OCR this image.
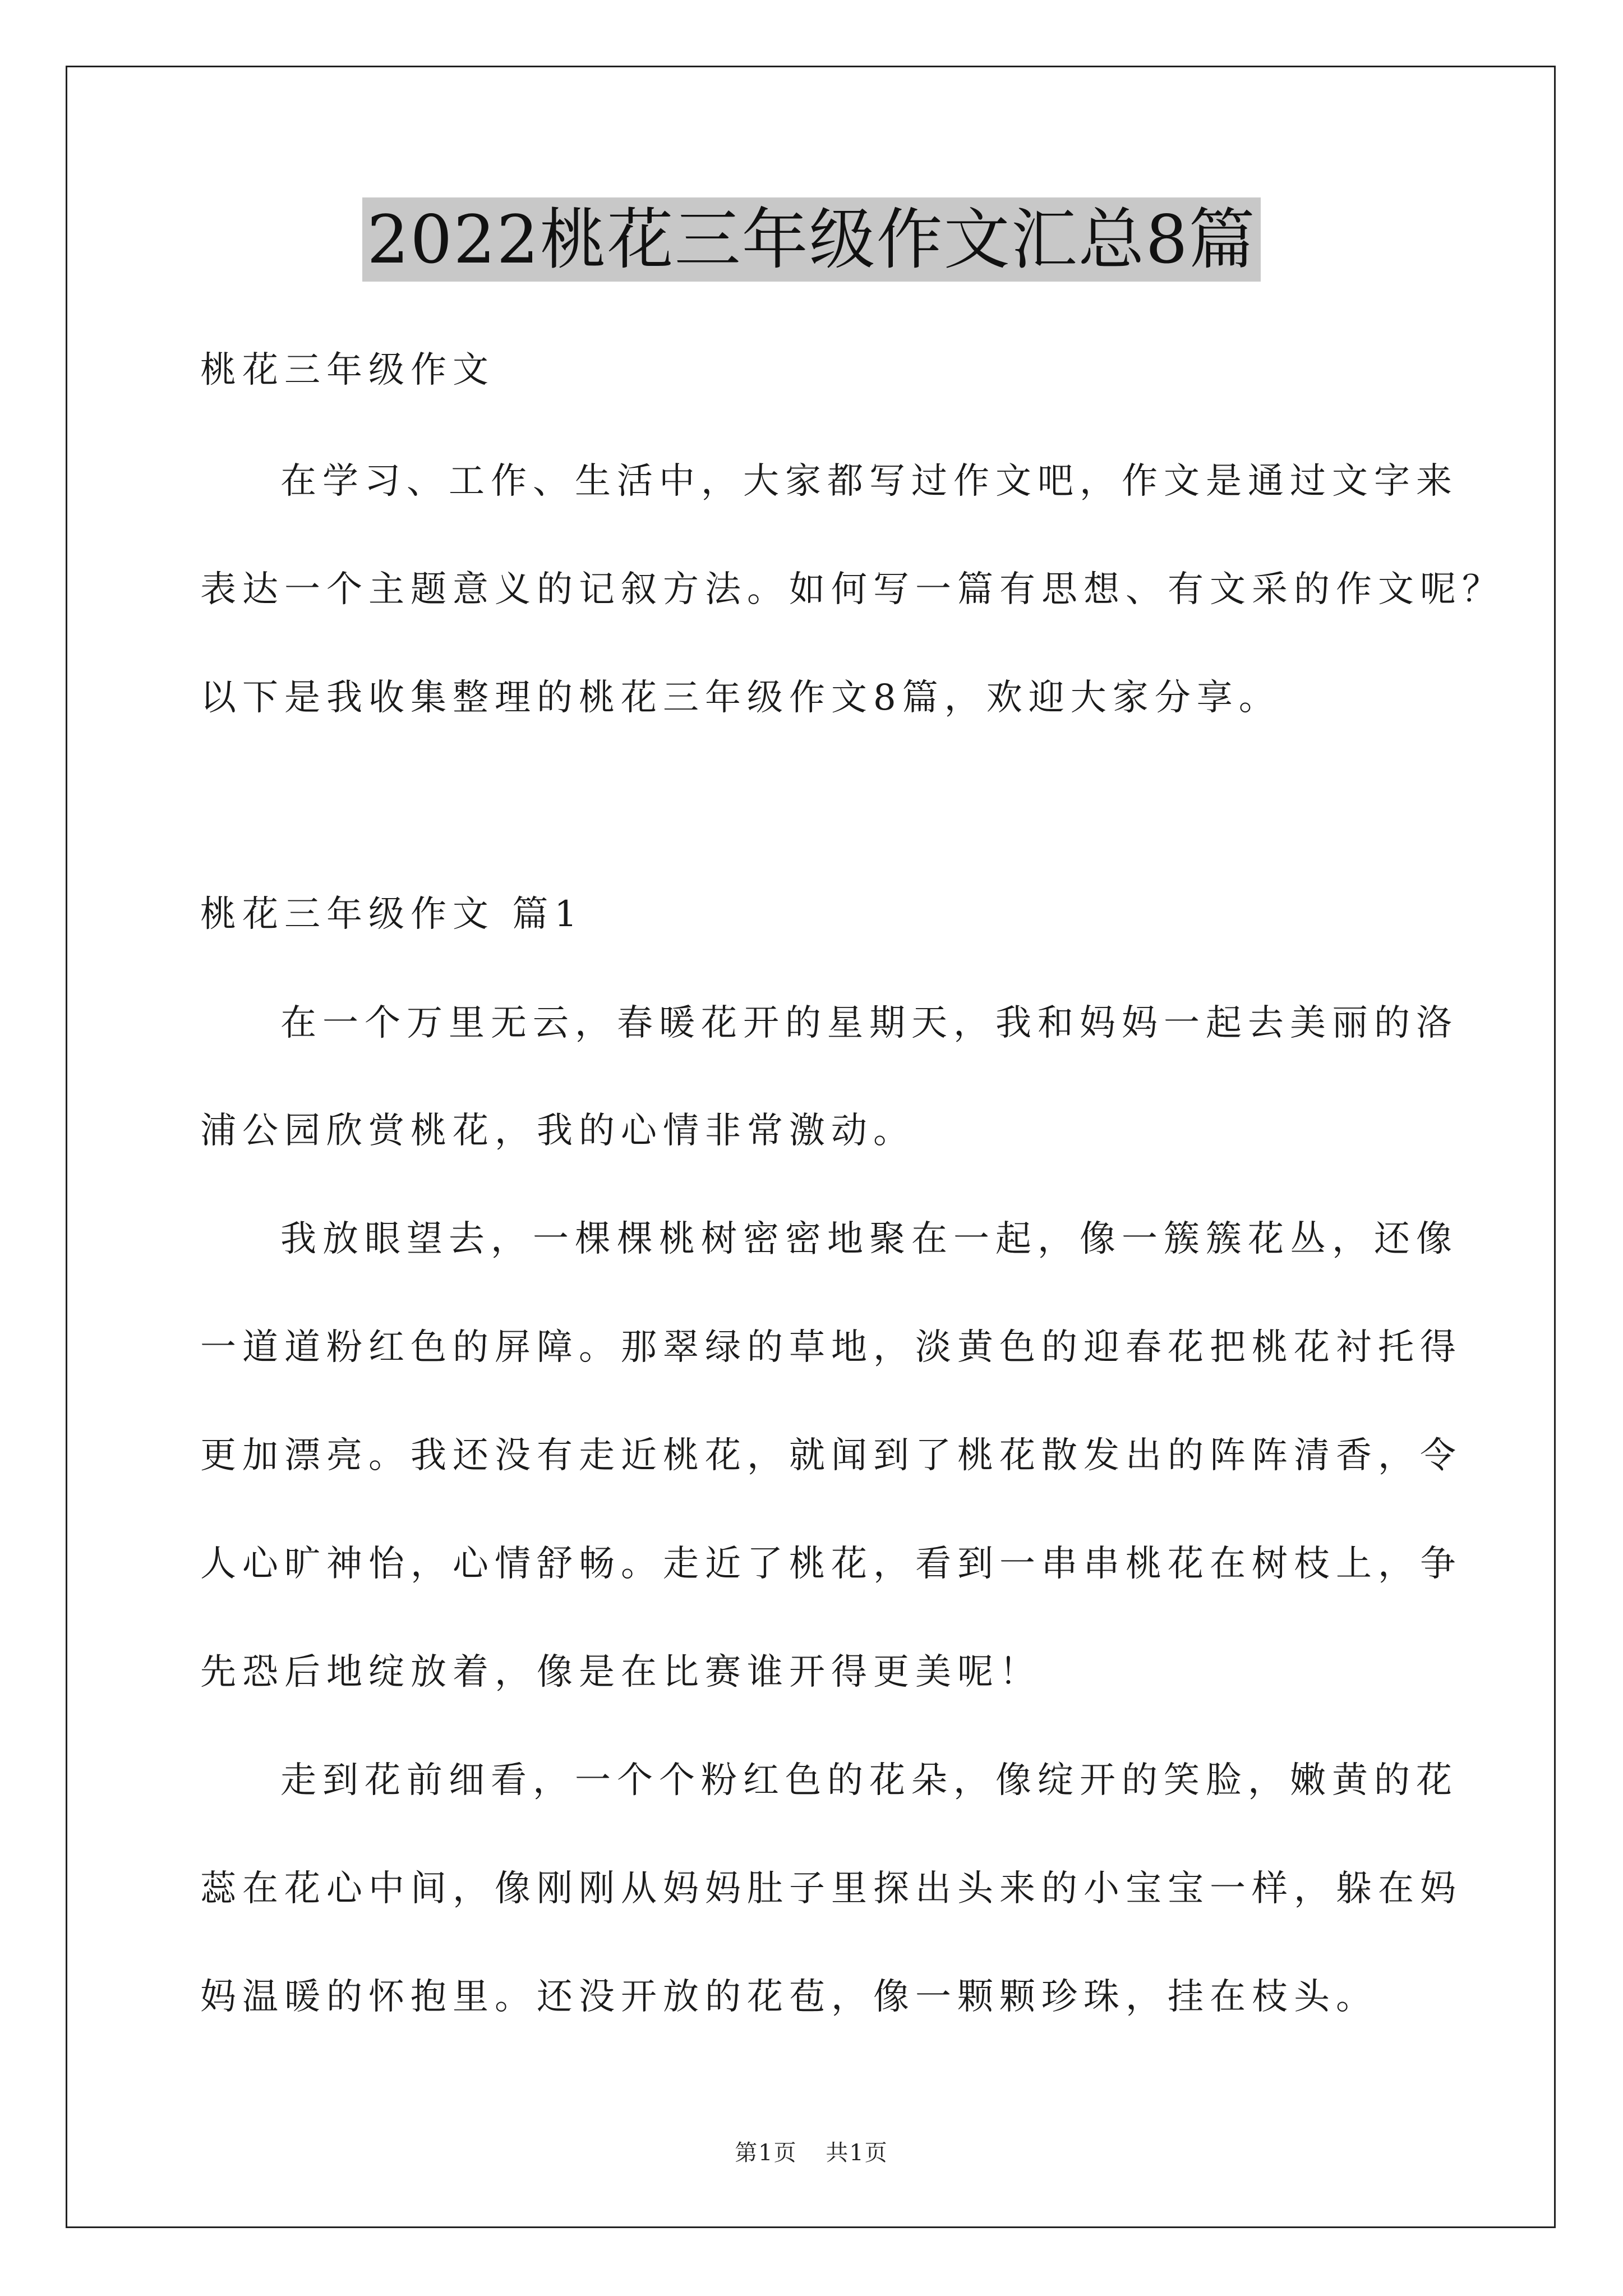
2022桃花三年级作文汇总8篇
桃花三年级作文
在学习、工作、生活中，大家都写过作文吧，作文是通过文字来
表达一个主题意义的记叙方法。如何写一篇有思想、有文采的作文呢？
以下是我收集整理的桃花三年级作文8篇，欢迎大家分享。
桃花三年级作文 篇1
在一个万里无云，春暖花开的星期天，我和妈妈一起去美丽的洛
浦公园欣赏桃花，我的心情非常激动。
我放眼望去，一棵棵桃树密密地聚在一起，像一簇簇花丛，还像
一道道粉红色的屏障。那翠绿的草地，淡黄色的迎春花把桃花衬托得
更加漂亮。我还没有走近桃花，就闻到了桃花散发出的阵阵清香，令
人心旷神怡，心情舒畅。走近了桃花，看到一串串桃花在树枝上，争
先恐后地绽放着，像是在比赛谁开得更美呢！
走到花前细看，一个个粉红色的花朵，像绽开的笑脸，嫩黄的花
蕊在花心中间，像刚刚从妈妈肚子里探出头来的小宝宝一样，躲在妈
妈温暖的怀抱里。还没开放的花苞，像一颗颗珍珠，挂在枝头。
第1页 共1页
